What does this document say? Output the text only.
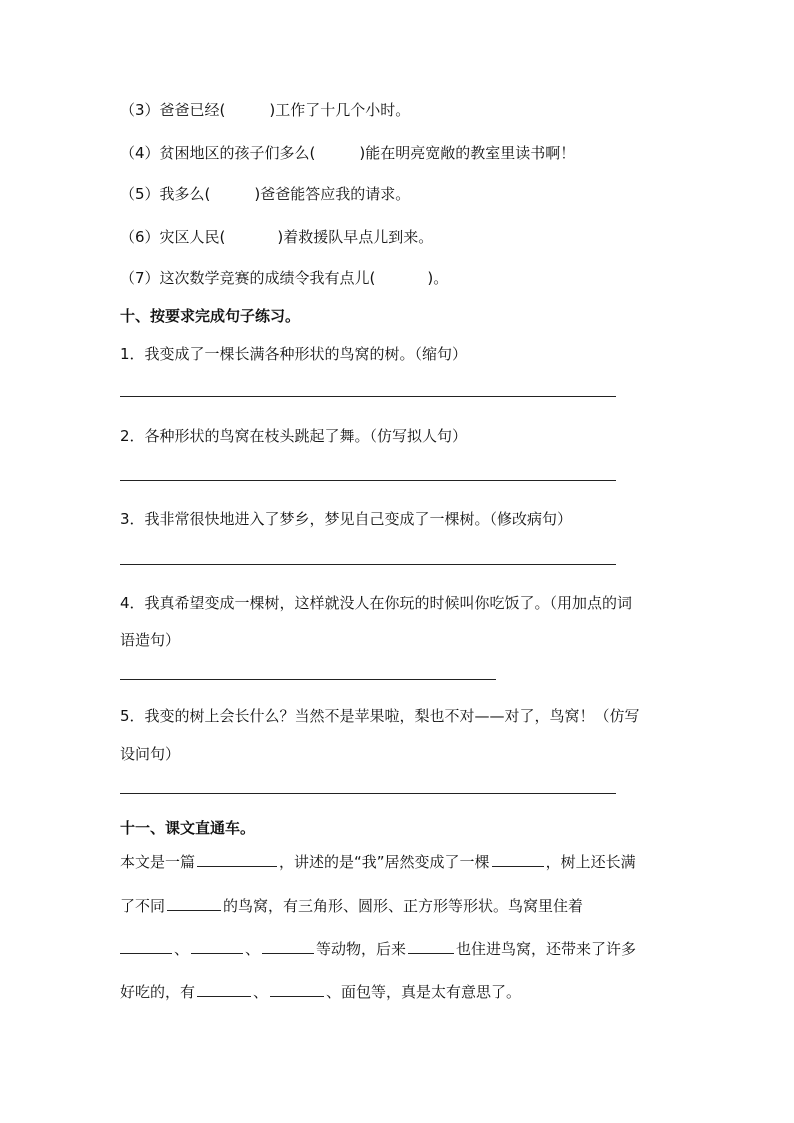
（3）爸爸已经(	)工作了十几个小时。
（4）贫困地区的孩子们多么(	)能在明亮宽敞的教室里读书啊！
（5）我多么(	)爸爸能答应我的请求。
（6）灾区人民(	)着救援队早点儿到来。
（7）这次数学竞赛的成绩令我有点儿(	)。
十、按要求完成句子练习。
1．我变成了一棵长满各种形状的鸟窝的树。（缩句）
2．各种形状的鸟窝在枝头跳起了舞。（仿写拟人句）
3．我非常很快地进入了梦乡，梦见自己变成了一棵树。（修改病句）
4．我真希望变成一棵树，这样就没人在你玩的时候叫你吃饭了。（用加点的词
语造句）
5．我变的树上会长什么？当然不是苹果啦，梨也不对——对了，鸟窝！（仿写
设问句）
十一、课文直通车。
本文是一篇	，讲述的是“我”居然变成了一棵	，树上还长满
了不同	的鸟窝，有三角形、圆形、正方形等形状。鸟窝里住着
、	、	等动物，后来	也住进鸟窝，还带来了许多
好吃的，有	、	、面包等，真是太有意思了。
